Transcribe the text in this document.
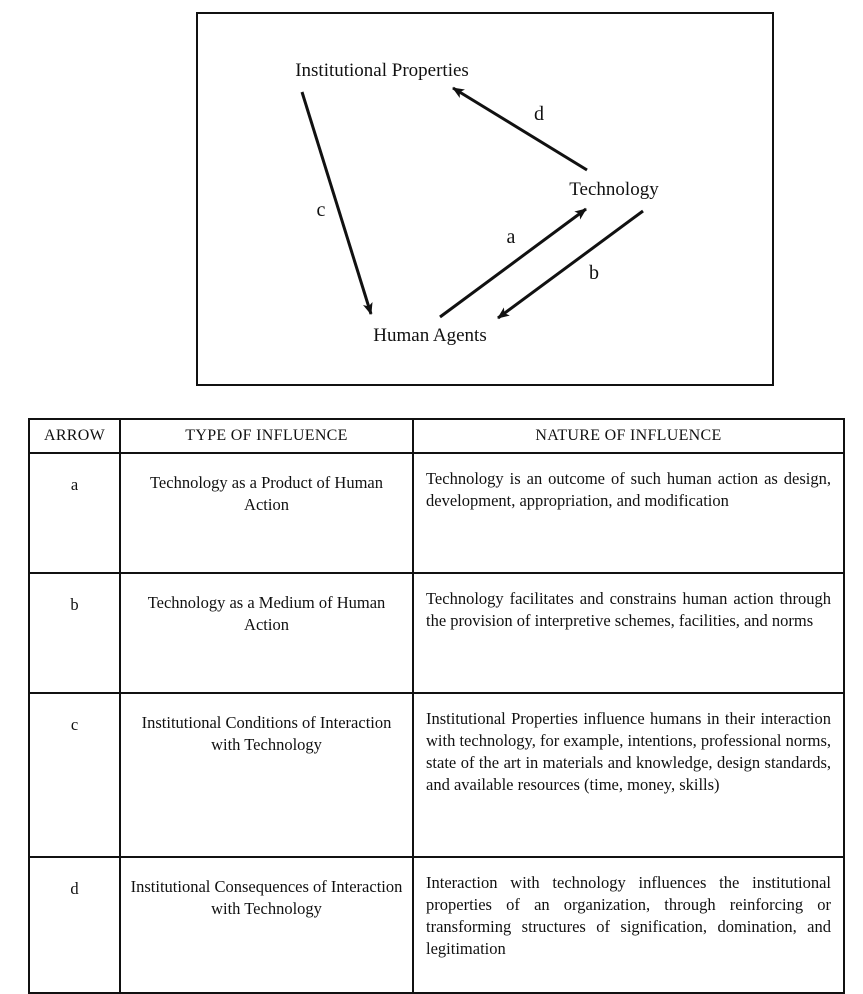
Institutional Properties
Technology
Human Agents
a
b
c
d
ARROW	TYPE OF INFLUENCE	NATURE OF INFLUENCE
a	Technology as a Product of Human Action	Technology is an outcome of such human action as design, development, appropriation, and modification
b	Technology as a Medium of Human Action	Technology facilitates and constrains human action through the provision of interpretive schemes, facilities, and norms
c	Institutional Conditions of Interaction with Technology	Institutional Properties influence humans in their interaction with technology, for example, intentions, professional norms, state of the art in materials and knowledge, design standards, and available resources (time, money, skills)
d	Institutional Consequences of Interaction with Technology	Interaction with technology influences the institutional properties of an organization, through reinforcing or transforming structures of signification, domination, and legitimation
